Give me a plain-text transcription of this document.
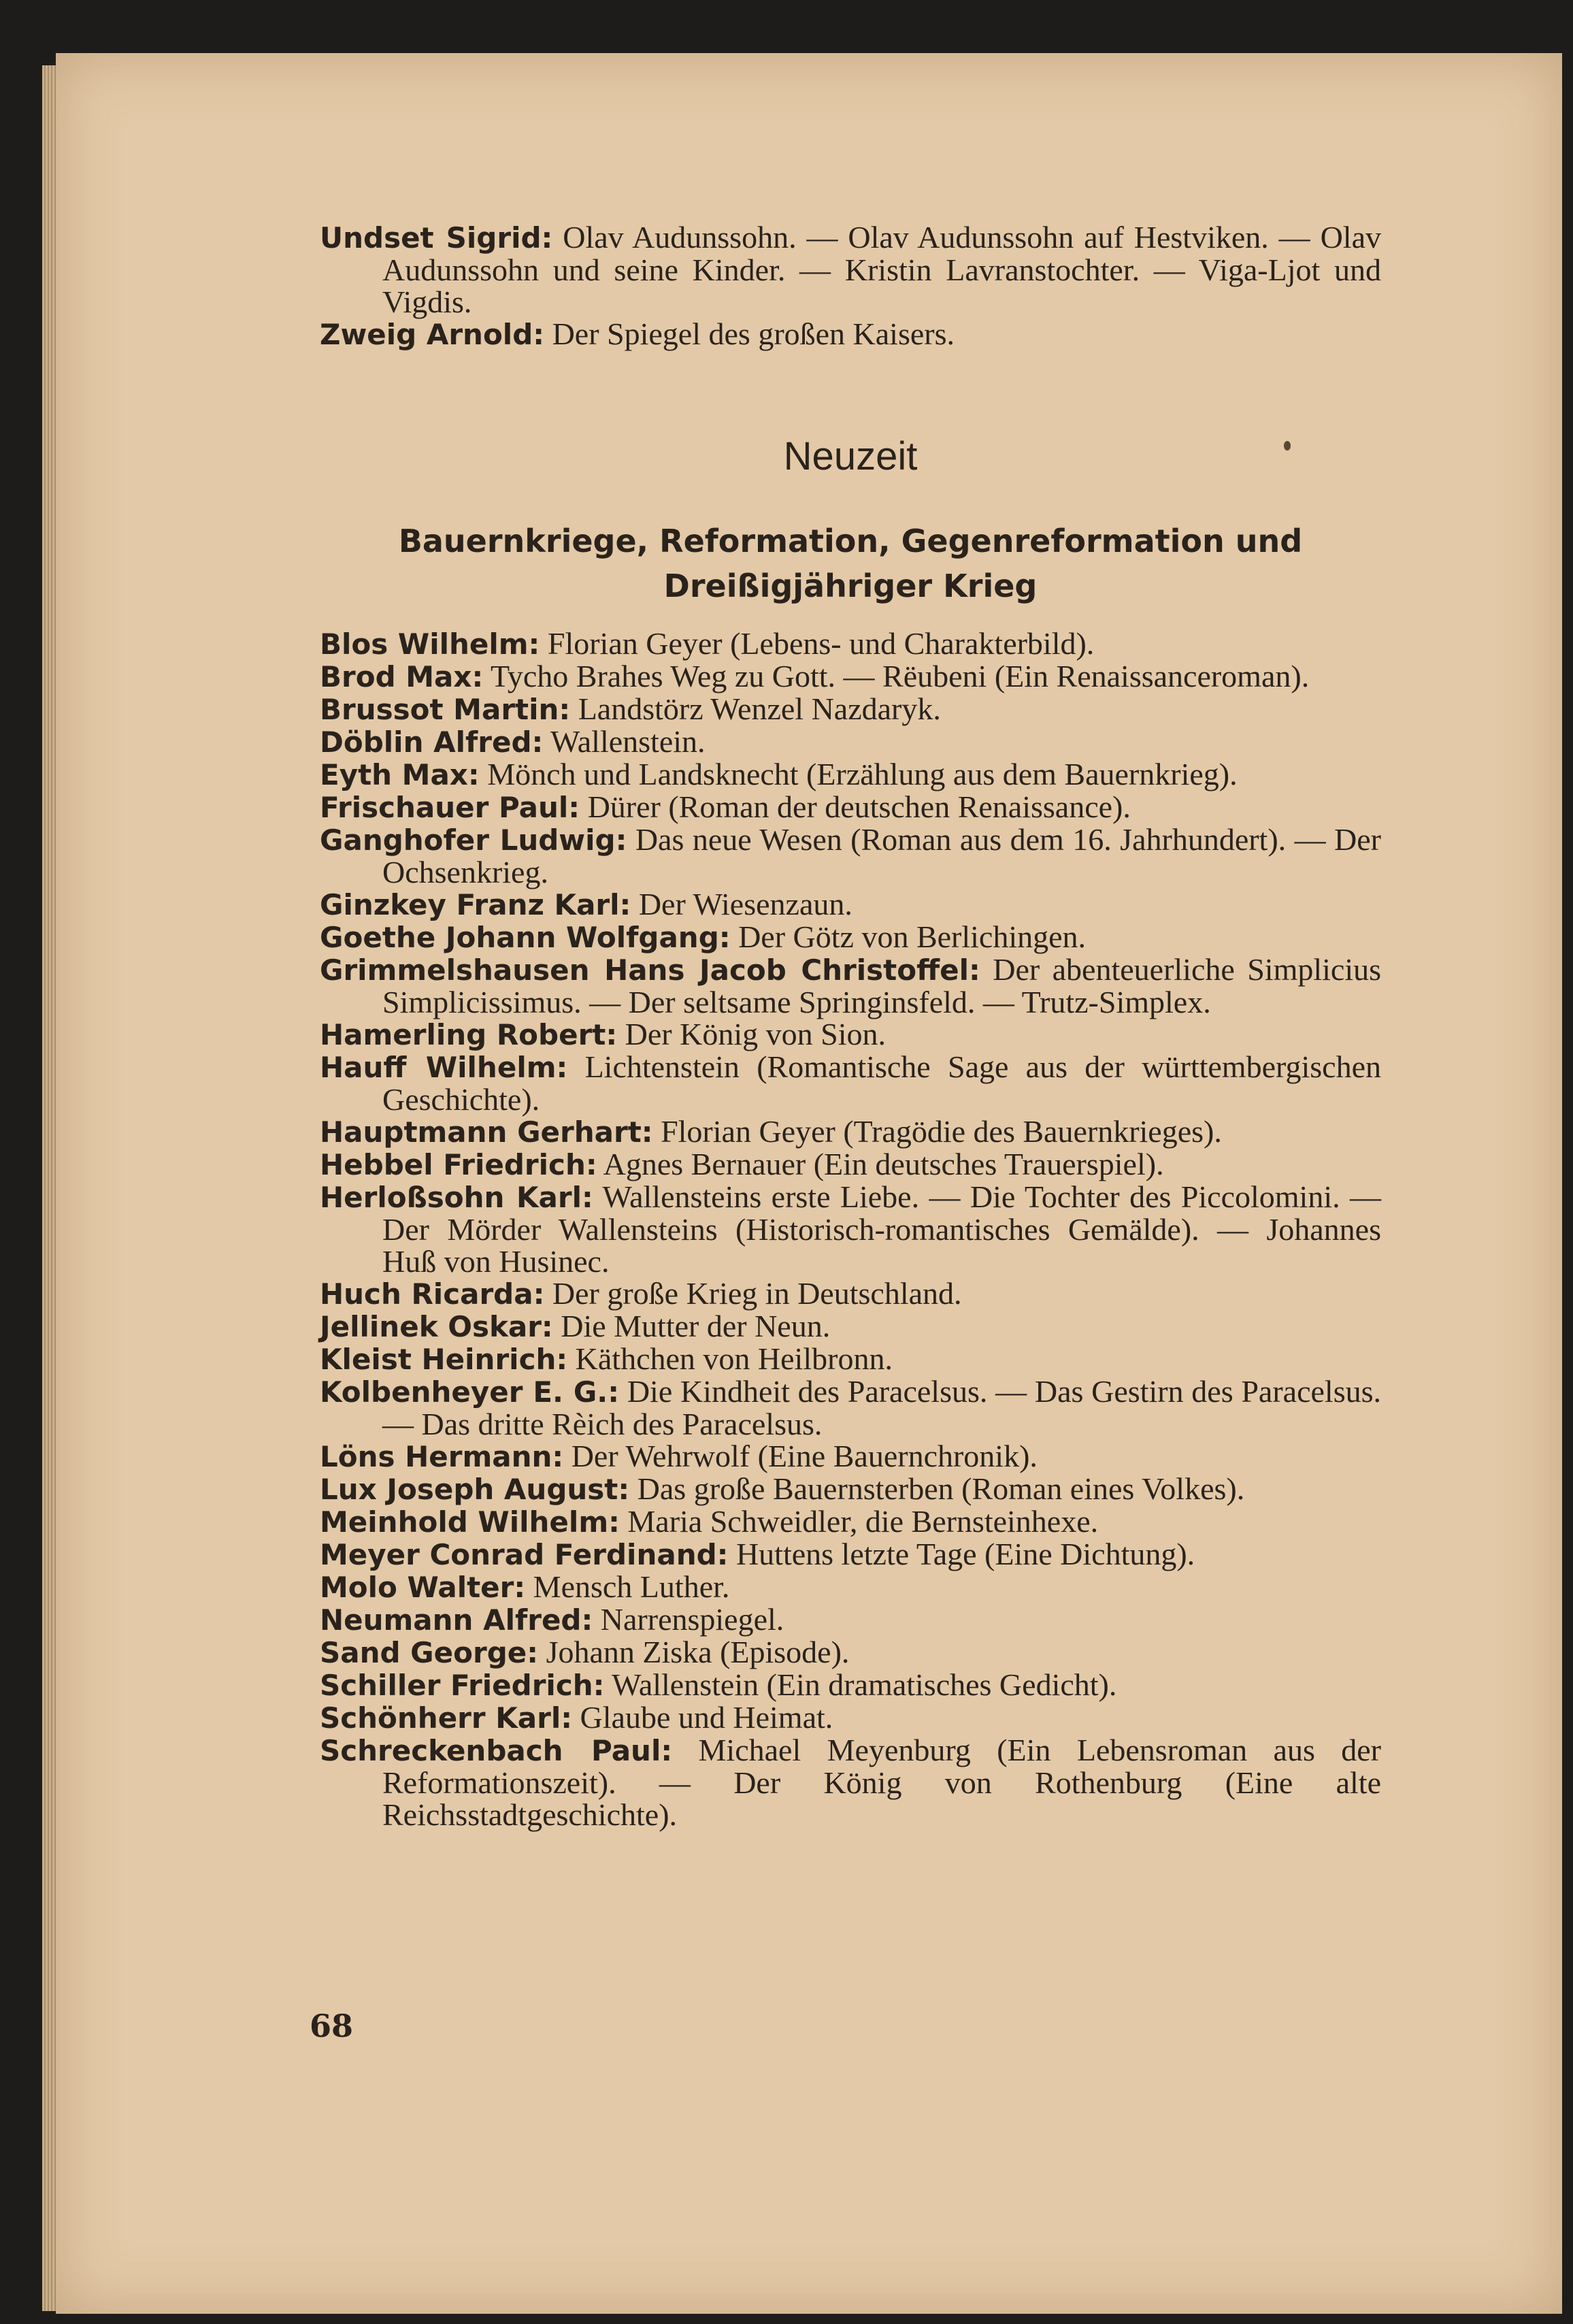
Undset Sigrid: Olav Audunssohn. — Olav Audunssohn auf Hestviken. — Olav Audunssohn und seine Kinder. — Kristin Lavranstochter. — Viga-Ljot und Vigdis.

Zweig Arnold: Der Spiegel des großen Kaisers.

Neuzeit
Bauernkriege, Reformation, Gegenreformation und
Dreißigjähriger Krieg

Blos Wilhelm: Florian Geyer (Lebens- und Charakterbild).

Brod Max: Tycho Brahes Weg zu Gott. — Rëubeni (Ein Renaissanceroman).

Brussot Martin: Landstörz Wenzel Nazdaryk.

Döblin Alfred: Wallenstein.

Eyth Max: Mönch und Landsknecht (Erzählung aus dem Bauernkrieg).

Frischauer Paul: Dürer (Roman der deutschen Renaissance).

Ganghofer Ludwig: Das neue Wesen (Roman aus dem 16. Jahrhundert). — Der Ochsenkrieg.

Ginzkey Franz Karl: Der Wiesenzaun.

Goethe Johann Wolfgang: Der Götz von Berlichingen.

Grimmelshausen Hans Jacob Christoffel: Der abenteuerliche Simplicius Simplicissimus. — Der seltsame Springinsfeld. — Trutz-Simplex.

Hamerling Robert: Der König von Sion.

Hauff Wilhelm: Lichtenstein (Romantische Sage aus der württembergischen Geschichte).

Hauptmann Gerhart: Florian Geyer (Tragödie des Bauernkrieges).

Hebbel Friedrich: Agnes Bernauer (Ein deutsches Trauerspiel).

Herloßsohn Karl: Wallensteins erste Liebe. — Die Tochter des Piccolomini. — Der Mörder Wallensteins (Historisch-romantisches Gemälde). — Johannes Huß von Husinec.

Huch Ricarda: Der große Krieg in Deutschland.

Jellinek Oskar: Die Mutter der Neun.

Kleist Heinrich: Käthchen von Heilbronn.

Kolbenheyer E. G.: Die Kindheit des Paracelsus. — Das Gestirn des Paracelsus. — Das dritte Rèich des Paracelsus.

Löns Hermann: Der Wehrwolf (Eine Bauernchronik).

Lux Joseph August: Das große Bauernsterben (Roman eines Volkes).

Meinhold Wilhelm: Maria Schweidler, die Bernsteinhexe.

Meyer Conrad Ferdinand: Huttens letzte Tage (Eine Dichtung).

Molo Walter: Mensch Luther.

Neumann Alfred: Narrenspiegel.

Sand George: Johann Ziska (Episode).

Schiller Friedrich: Wallenstein (Ein dramatisches Gedicht).

Schönherr Karl: Glaube und Heimat.

Schreckenbach Paul: Michael Meyenburg (Ein Lebensroman aus der Reformationszeit). — Der König von Rothenburg (Eine alte Reichsstadtgeschichte).

68
